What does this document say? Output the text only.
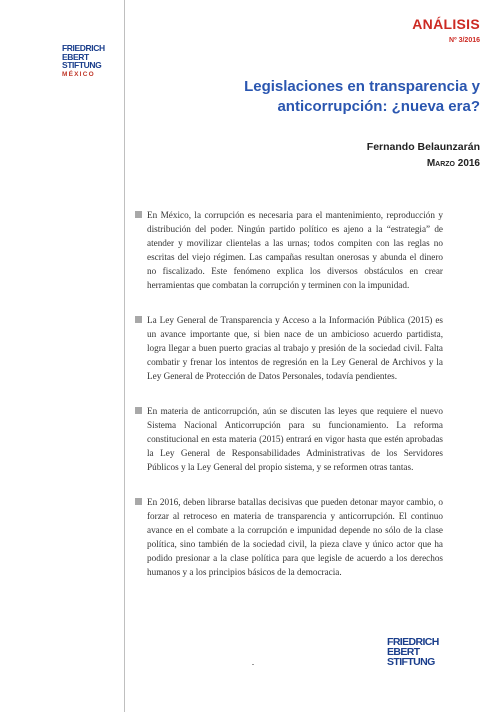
FRIEDRICH
EBERT
STIFTUNG
MÉXICO
ANÁLISIS
Nº 3/2016
Legislaciones en transparencia y
anticorrupción: ¿nueva era?
Fernando Belaunzarán
Marzo 2016

En México, la corrupción es necesaria para el mantenimiento, reproducción y distribución del poder. Ningún partido político es ajeno a la “estrategia” de atender y movilizar clientelas a las urnas; todos compiten con las reglas no escritas del viejo régimen. Las campañas resultan onerosas y abunda el dinero no fiscalizado. Este fenómeno explica los diversos obstáculos en crear herramientas que combatan la corrupción y terminen con la impunidad.

La Ley General de Transparencia y Acceso a la Información Pública (2015) es un avance importante que, si bien nace de un ambicioso acuerdo partidista, logra llegar a buen puerto gracias al trabajo y presión de la sociedad civil. Falta combatir y frenar los intentos de regresión en la Ley General de Archivos y la Ley General de Protección de Datos Personales, todavía pendientes.

En materia de anticorrupción, aún se discuten las leyes que requiere el nuevo Sistema Nacional Anticorrupción para su funcionamiento. La reforma constitucional en esta materia (2015) entrará en vigor hasta que estén aprobadas la Ley General de Responsabilidades Administrativas de los Servidores Públicos y la Ley General del propio sistema, y se reformen otras tantas.

En 2016, deben librarse batallas decisivas que pueden detonar mayor cambio, o forzar al retroceso en materia de transparencia y anticorrupción. El continuo avance en el combate a la corrupción e impunidad depende no sólo de la clase política, sino también de la sociedad civil, la pieza clave y único actor que ha podido presionar a la clase política para que legisle de acuerdo a los derechos humanos y a los principios básicos de la democracia.

FRIEDRICH
EBERT
STIFTUNG
